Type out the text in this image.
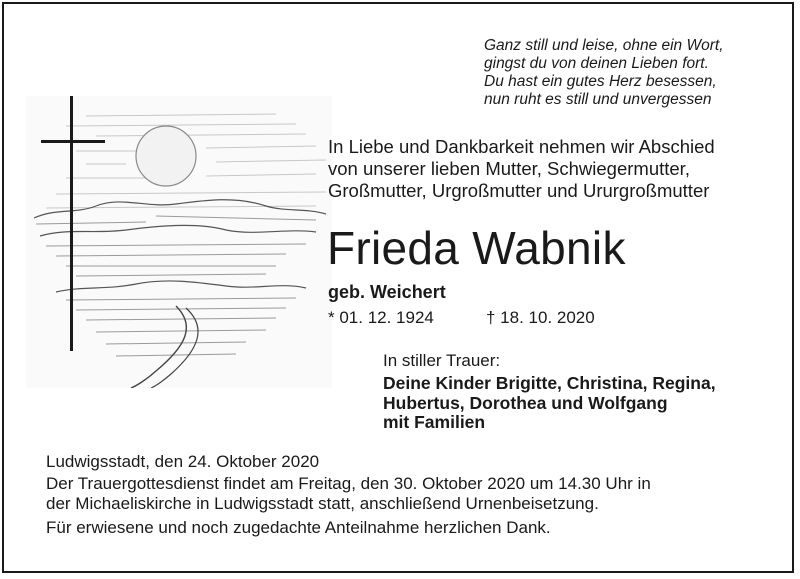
Ganz still und leise, ohne ein Wort,
gingst du von deinen Lieben fort.
Du hast ein gutes Herz besessen,
nun ruht es still und unvergessen
In Liebe und Dankbarkeit nehmen wir Abschied
von unserer lieben Mutter, Schwiegermutter,
Großmutter, Urgroßmutter und Ururgroßmutter
Frieda Wabnik
geb. Weichert
* 01. 12. 1924	† 18. 10. 2020
In stiller Trauer:
Deine Kinder Brigitte, Christina, Regina,
Hubertus, Dorothea und Wolfgang
mit Familien
Ludwigsstadt, den 24. Oktober 2020
Der Trauergottesdienst findet am Freitag, den 30. Oktober 2020 um 14.30 Uhr in
der Michaeliskirche in Ludwigsstadt statt, anschließend Urnenbeisetzung.
Für erwiesene und noch zugedachte Anteilnahme herzlichen Dank.
